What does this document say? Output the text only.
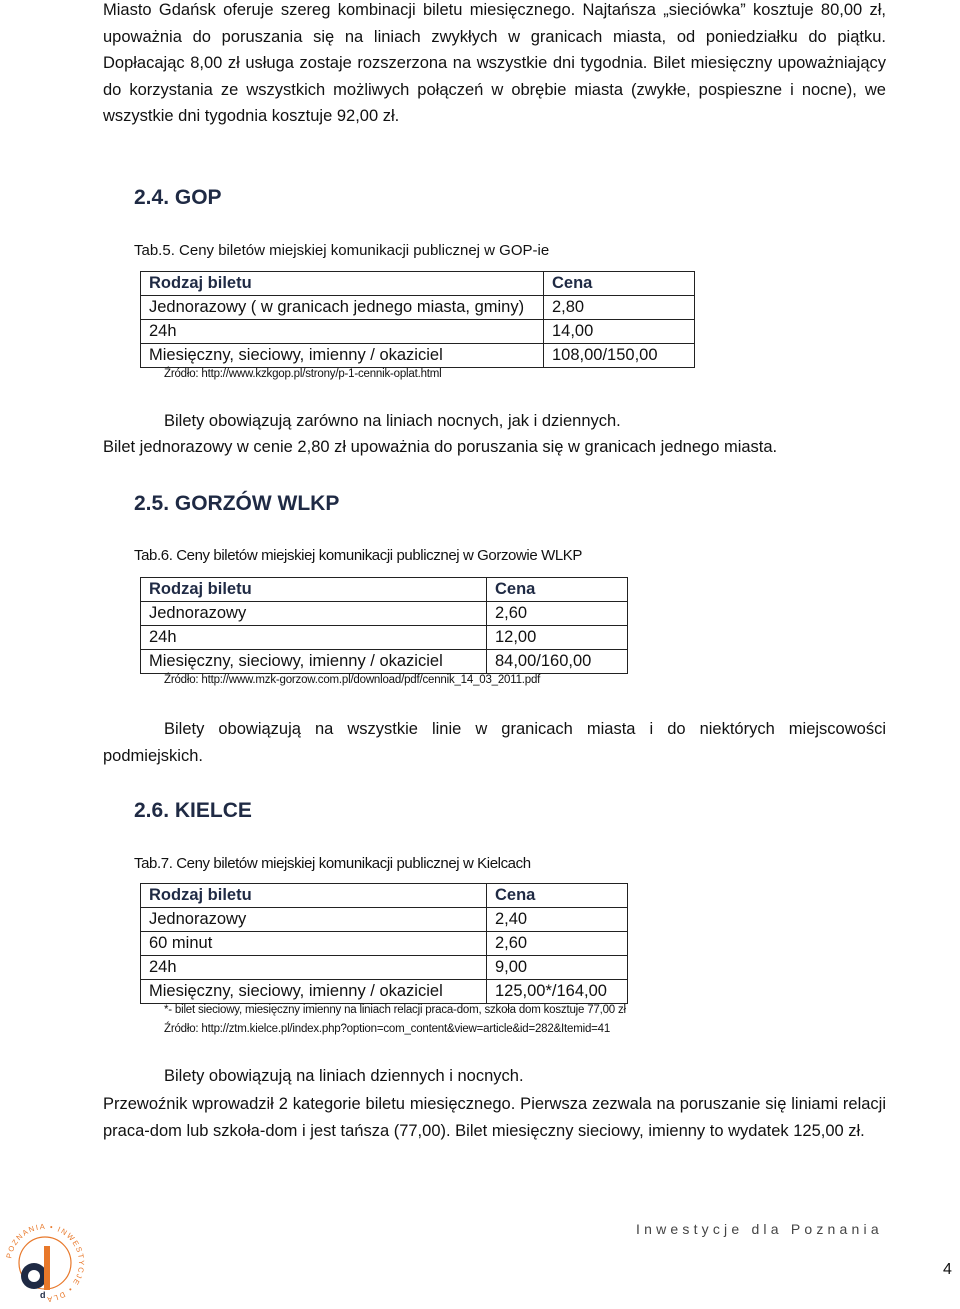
Miasto Gdańsk oferuje szereg kombinacji biletu miesięcznego. Najtańsza „sieciówka” kosztuje 80,00 zł, upoważnia do poruszania się na liniach zwykłych w granicach miasta, od poniedziałku do piątku. Dopłacając 8,00 zł usługa zostaje rozszerzona na wszystkie dni tygodnia. Bilet miesięczny upoważniający do korzystania ze wszystkich możliwych połączeń w obrębie miasta (zwykłe, pospieszne i nocne), we wszystkie dni tygodnia kosztuje 92,00 zł.

2.4. GOP
Tab.5. Ceny biletów miejskiej komunikacji publicznej w GOP-ie
Rodzaj biletu	Cena
Jednorazowy ( w granicach jednego miasta, gminy)	2,80
24h	14,00
Miesięczny, sieciowy, imienny / okaziciel	108,00/150,00
Źródło: http://www.kzkgop.pl/strony/p-1-cennik-oplat.html
Bilety obowiązują zarówno na liniach nocnych, jak i dziennych.
Bilet jednorazowy w cenie 2,80 zł upoważnia do poruszania się w granicach jednego miasta.
2.5. GORZÓW WLKP
Tab.6. Ceny biletów miejskiej komunikacji publicznej w Gorzowie WLKP
Rodzaj biletu	Cena
Jednorazowy	2,60
24h	12,00
Miesięczny, sieciowy, imienny / okaziciel	84,00/160,00
Źródło: http://www.mzk-gorzow.com.pl/download/pdf/cennik_14_03_2011.pdf

Bilety obowiązują na wszystkie linie w granicach miasta i do niektórych miejscowości podmiejskich.

2.6. KIELCE
Tab.7. Ceny biletów miejskiej komunikacji publicznej w Kielcach
Rodzaj biletu	Cena
Jednorazowy	2,40
60 minut	2,60
24h	9,00
Miesięczny, sieciowy, imienny / okaziciel	125,00*/164,00
*- bilet sieciowy, miesięczny imienny na liniach relacji praca-dom, szkoła dom kosztuje 77,00 zł
Źródło: http://ztm.kielce.pl/index.php?option=com_content&view=article&id=282&Itemid=41
Bilety obowiązują na liniach dziennych i nocnych.

Przewoźnik wprowadził 2 kategorie biletu miesięcznego. Pierwsza zezwala na poruszanie się liniami relacji praca-dom lub szkoła-dom i jest tańsza (77,00). Bilet miesięczny sieciowy, imienny to wydatek 125,00 zł.

Inwestycje dla Poznania
4
POZNANIA • INWESTYCJE • DLA
d
